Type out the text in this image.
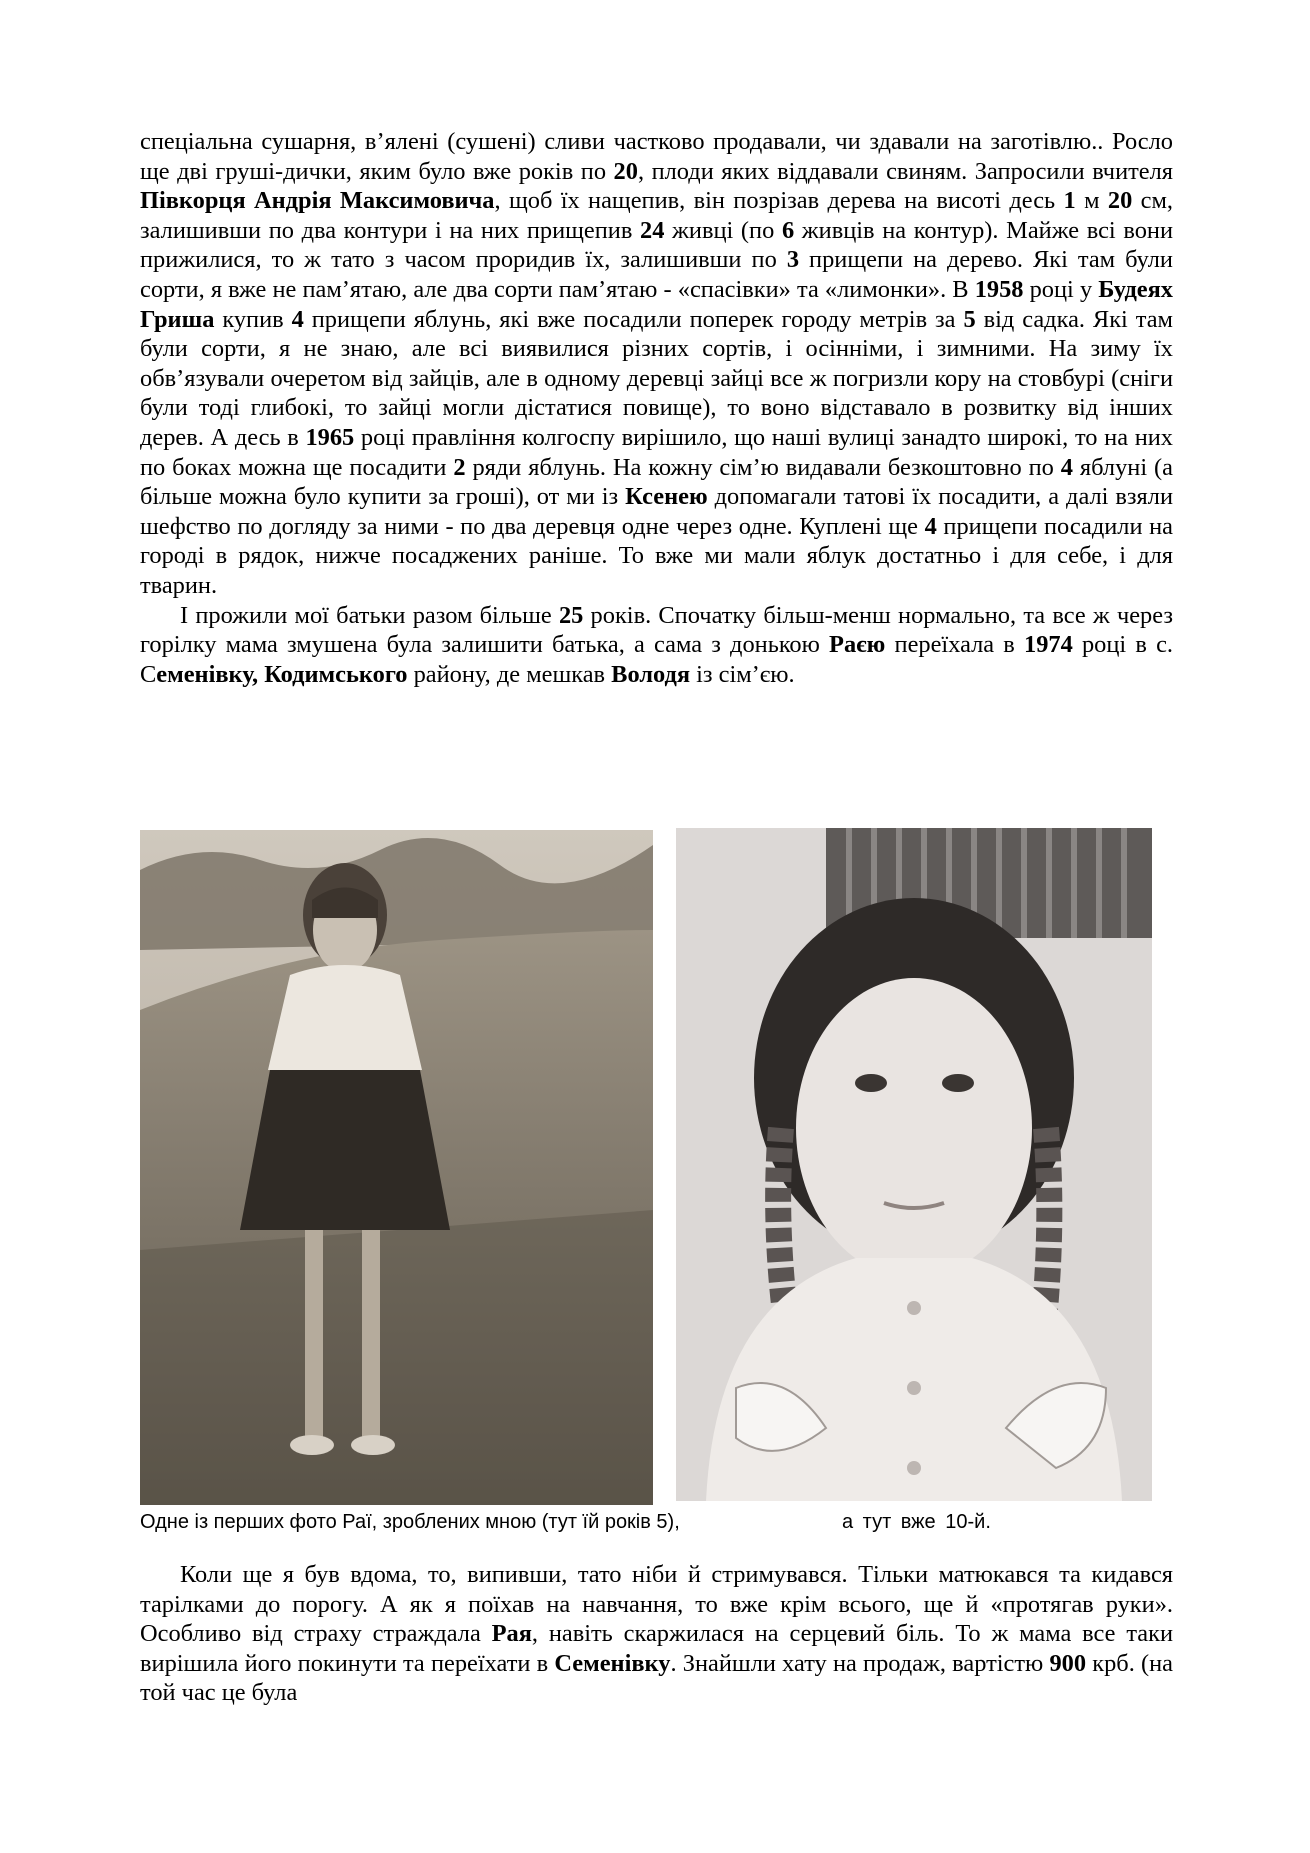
спеціальна сушарня, в’ялені (сушені) сливи частково продавали, чи здавали на заготівлю.. Росло ще дві груші-дички, яким було вже років по 20, плоди яких віддавали свиням. Запросили вчителя Півкорця Андрія Максимовича, щоб їх нащепив, він позрізав дерева на висоті десь 1 м 20 см, залишивши по два контури і на них прищепив 24 живці (по 6 живців на контур). Майже всі вони прижилися, то ж тато з часом проридив їх, залишивши по 3 прищепи на дерево. Які там були сорти, я вже не пам’ятаю, але два сорти пам’ятаю - «спасівки» та «лимонки». В 1958 році у Будеях Гриша купив 4 прищепи яблунь, які вже посадили поперек городу метрів за 5 від садка. Які там були сорти, я не знаю, але всі виявилися різних сортів, і осінніми, і зимними. На зиму їх обв’язували очеретом від зайців, але в одному деревці зайці все ж погризли кору на стовбурі (сніги були тоді глибокі, то зайці могли дістатися повище), то воно відставало в розвитку від інших дерев. А десь в 1965 році правління колгоспу вирішило, що наші вулиці занадто широкі, то на них по боках можна ще посадити 2 ряди яблунь. На кожну сім’ю видавали безкоштовно по 4 яблуні (а більше можна було купити за гроші), от ми із Ксенею допомагали татові їх посадити, а далі взяли шефство по догляду за ними - по два деревця одне через одне. Куплені ще 4 прищепи посадили на городі в рядок, нижче посаджених раніше. То вже ми мали яблук достатньо і для себе, і для тварин.

І прожили мої батьки разом більше 25 років. Спочатку більш-менш нормально, та все ж через горілку мама змушена була залишити батька, а сама з донькою Раєю переїхала в 1974 році в с. Семенівку, Кодимського району, де мешкав Володя із сім’єю.

Одне із перших фото Раї, зроблених мною (тут їй років 5),	а тут вже 10-й.

Коли ще я був вдома, то, випивши, тато ніби й стримувався. Тільки матюкався та кидався тарілками до порогу. А як я поїхав на навчання, то вже крім всього, ще й «протягав руки». Особливо від страху страждала Рая, навіть скаржилася на серцевий біль. То ж мама все таки вирішила його покинути та переїхати в Семенівку. Знайшли хату на продаж, вартістю 900 крб. (на той час це була
